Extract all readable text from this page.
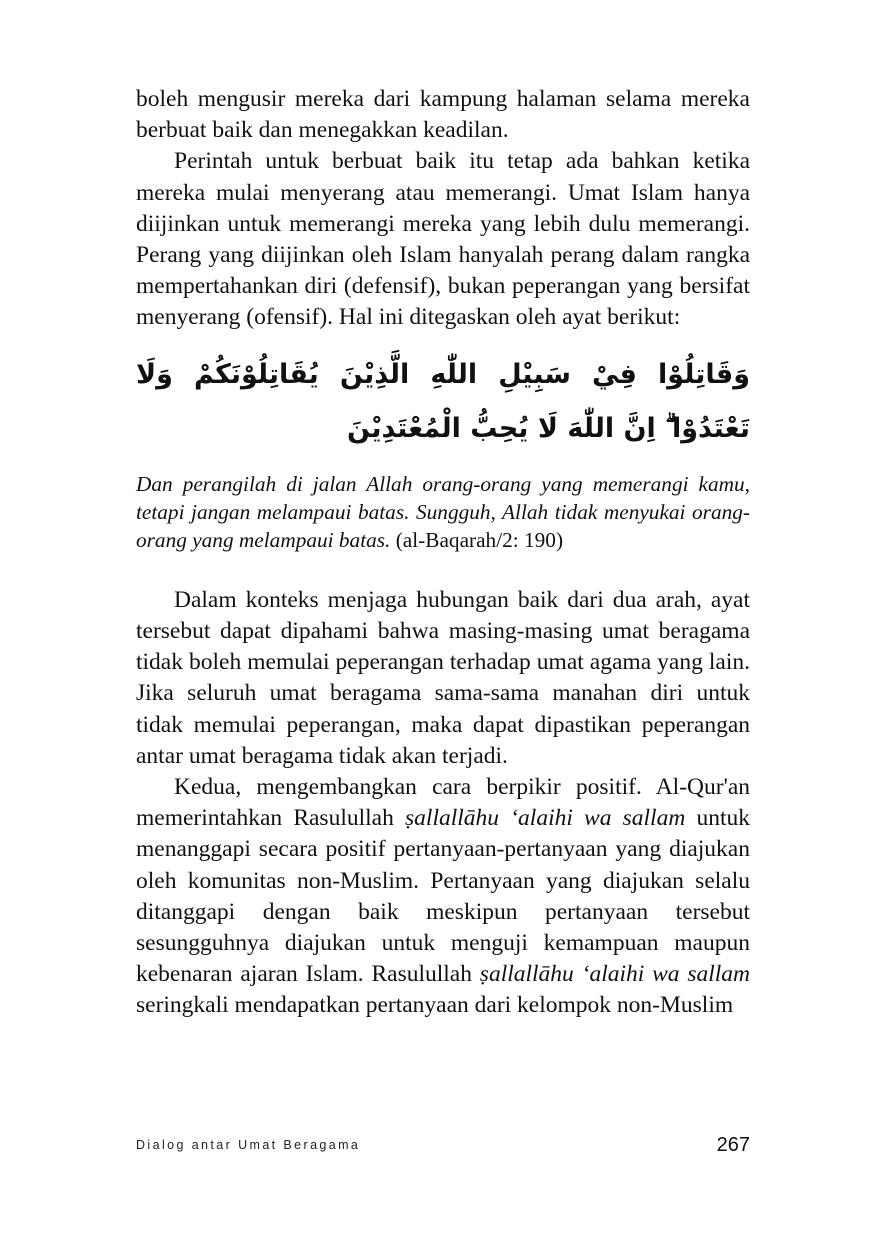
boleh mengusir mereka dari kampung halaman selama mereka berbuat baik dan menegakkan keadilan.

Perintah untuk berbuat baik itu tetap ada bahkan ketika mereka mulai menyerang atau memerangi. Umat Islam hanya diijinkan untuk memerangi mereka yang lebih dulu memerangi. Perang yang diijinkan oleh Islam hanyalah perang dalam rangka mempertahankan diri (defensif), bukan peperangan yang bersifat menyerang (ofensif). Hal ini ditegaskan oleh ayat berikut:

وَقَاتِلُوْا فِيْ سَبِيْلِ اللّٰهِ الَّذِيْنَ يُقَاتِلُوْنَكُمْ وَلَا تَعْتَدُوْا ۗ اِنَّ اللّٰهَ لَا يُحِبُّ الْمُعْتَدِيْنَ

Dan perangilah di jalan Allah orang-orang yang memerangi kamu, tetapi jangan melampaui batas. Sungguh, Allah tidak menyukai orang-orang yang melampaui batas. (al-Baqarah/2: 190)

Dalam konteks menjaga hubungan baik dari dua arah, ayat tersebut dapat dipahami bahwa masing-masing umat beragama tidak boleh memulai peperangan terhadap umat agama yang lain. Jika seluruh umat beragama sama-sama manahan diri untuk tidak memulai peperangan, maka dapat dipastikan peperangan antar umat beragama tidak akan terjadi.

Kedua, mengembangkan cara berpikir positif. Al-Qur'an memerintahkan Rasulullah ṣallallāhu ‘alaihi wa sallam untuk menanggapi secara positif pertanyaan-pertanyaan yang diajukan oleh komunitas non-Muslim. Pertanyaan yang diajukan selalu ditanggapi dengan baik meskipun pertanyaan tersebut sesungguhnya diajukan untuk menguji kemampuan maupun kebenaran ajaran Islam. Rasulullah ṣallallāhu ‘alaihi wa sallam seringkali mendapatkan pertanyaan dari kelompok non-Muslim

Dialog antar Umat Beragama	267
